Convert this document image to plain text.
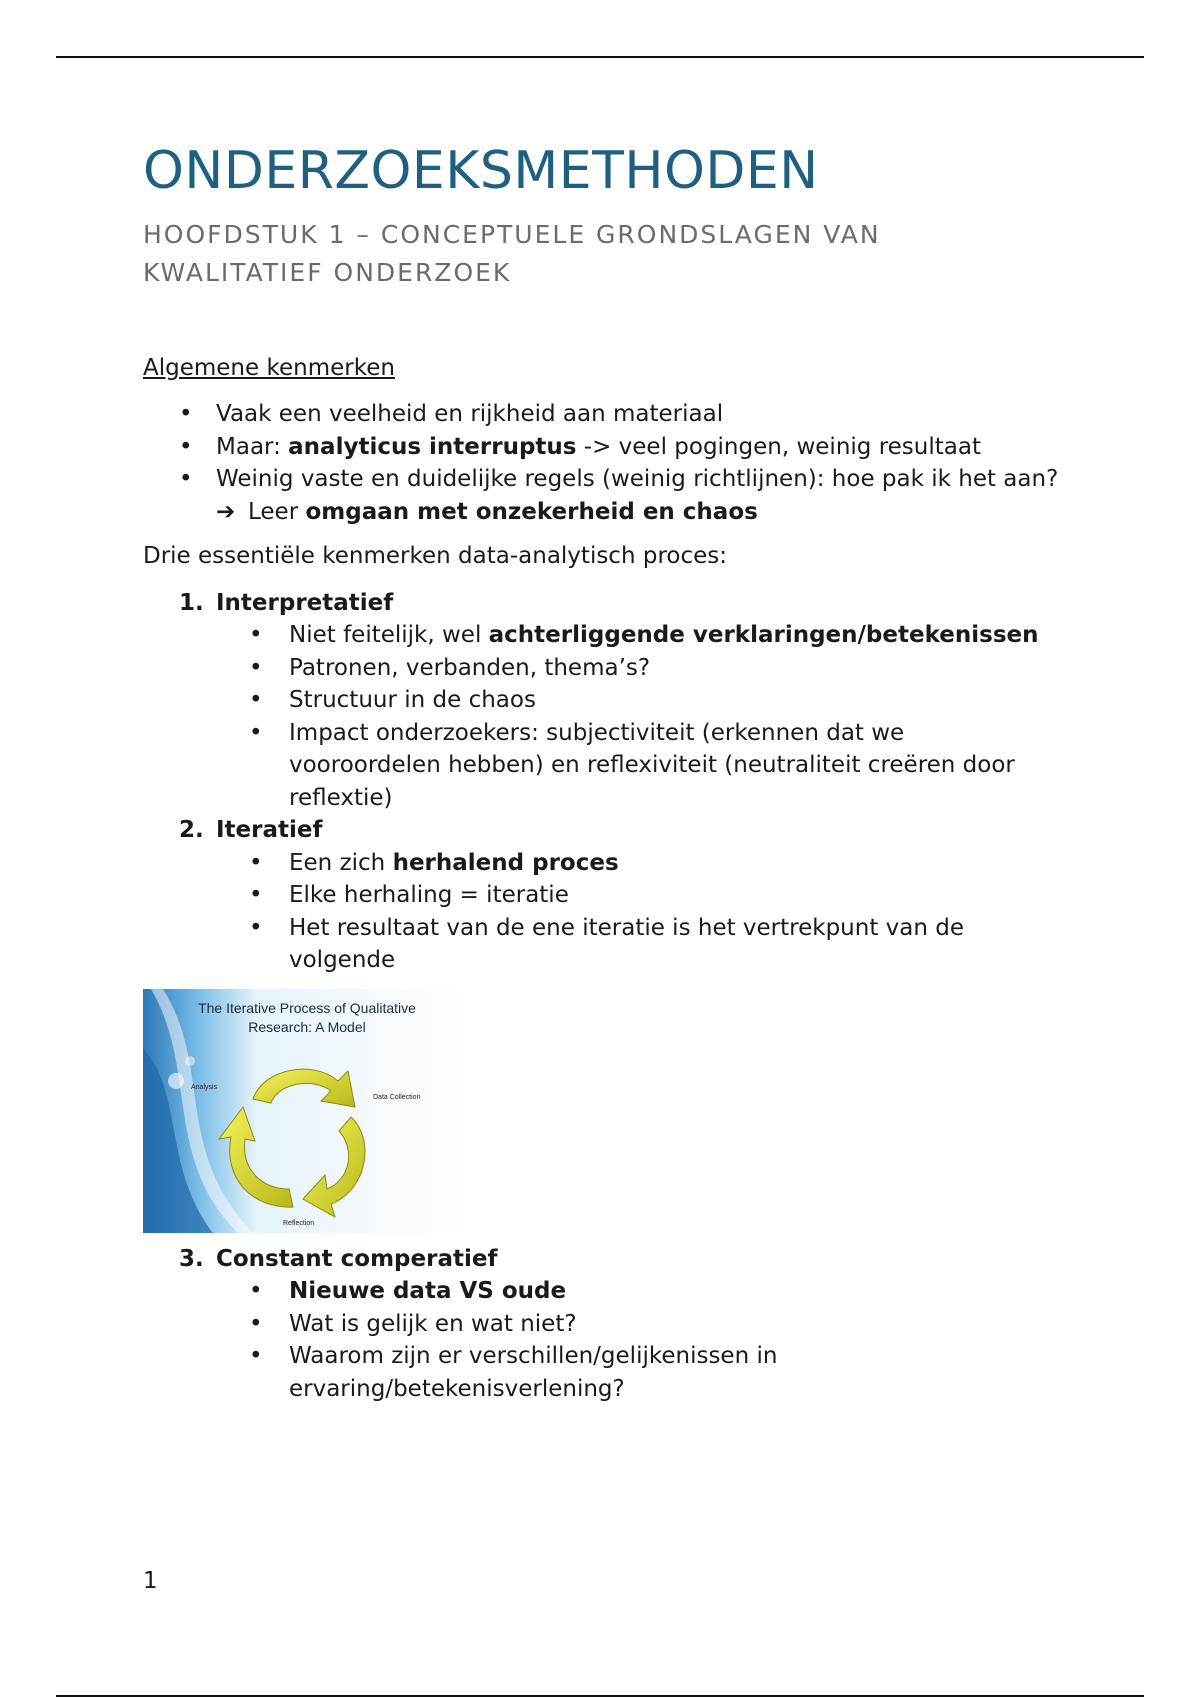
ONDERZOEKSMETHODEN
HOOFDSTUK 1 – CONCEPTUELE GRONDSLAGEN VAN KWALITATIEF ONDERZOEK
Algemene kenmerken
• Vaak een veelheid en rijkheid aan materiaal
• Maar: analyticus interruptus -> veel pogingen, weinig resultaat
• Weinig vaste en duidelijke regels (weinig richtlijnen): hoe pak ik het aan?
➔ Leer omgaan met onzekerheid en chaos
Drie essentiële kenmerken data-analytisch proces:
1. Interpretatief
• Niet feitelijk, wel achterliggende verklaringen/betekenissen
• Patronen, verbanden, thema’s?
• Structuur in de chaos
• Impact onderzoekers: subjectiviteit (erkennen dat we vooroordelen hebben) en reflexiviteit (neutraliteit creëren door reflextie)
2. Iteratief
• Een zich herhalend proces
• Elke herhaling = iteratie
• Het resultaat van de ene iteratie is het vertrekpunt van de volgende
The Iterative Process of Qualitative
Research: A Model
Analysis
Data Collection
Reflection
3. Constant comperatief
• Nieuwe data VS oude
• Wat is gelijk en wat niet?
• Waarom zijn er verschillen/gelijkenissen in ervaring/betekenisverlening?
1
